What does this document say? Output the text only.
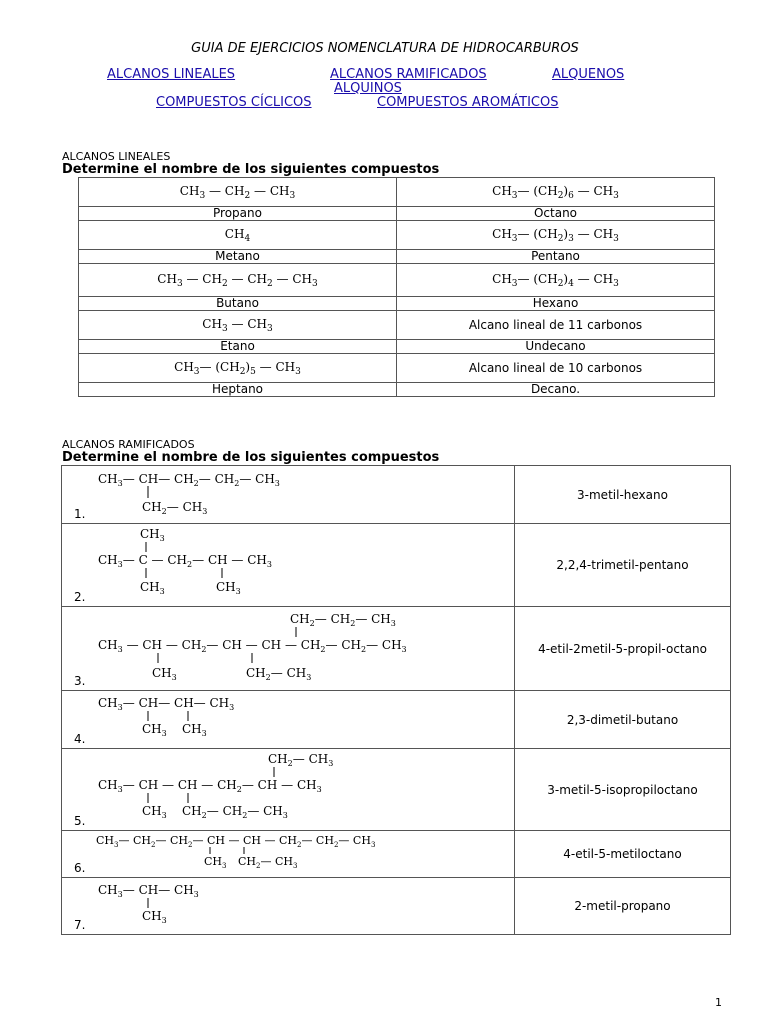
GUIA DE EJERCICIOS NOMENCLATURA DE HIDROCARBUROS
ALCANOS LINEALES	ALCANOS RAMIFICADOS	ALQUENOS
ALQUINOS
COMPUESTOS CÍCLICOS	COMPUESTOS AROMÁTICOS
ALCANOS LINEALES
Determine el nombre de los siguientes compuestos
$CH_3$ — $CH_2$ — $CH_3$	$CH_3—$ $(CH_2)_6$ — $CH_3$
Propano	Octano
$CH_4$	$CH_3—$ $(CH_2)_3$ — $CH_3$
Metano	Pentano
$CH_3$ — $CH_2$ — $CH_2$ — $CH_3$	$CH_3—$ $(CH_2)_4$ — $CH_3$
Butano	Hexano
$CH_3$ — $CH_3$	Alcano lineal de 11 carbonos
Etano	Undecano
$CH_3—$ $(CH_2)_5$ — $CH_3$	Alcano lineal de 10 carbonos
Heptano	Decano.
ALCANOS RAMIFICADOS
Determine el nombre de los siguientes compuestos
$CH_3—$ CH— $CH_2—$ $CH_2—$ $CH_3$
$CH_2—$ $CH_3$
1.	3-metil-hexano

$CH_3$
$CH_3—$ C — $CH_2—$ CH — $CH_3$
$CH_3$ $CH_3$
2.	2,2,4-trimetil-pentano

$CH_2—$ $CH_2—$ $CH_3$
$CH_3$ — CH — $CH_2—$ CH — CH — $CH_2—$ $CH_2—$ $CH_3$
$CH_3$ $CH_2—$ $CH_3$
3.	4-etil-2metil-5-propil-octano

$CH_3—$ CH— CH— $CH_3$
$CH_3$ $CH_3$
4.	2,3-dimetil-butano

$CH_2—$ $CH_3$
$CH_3—$ CH — CH — $CH_2—$ CH — $CH_3$
$CH_3$ $CH_2—$ $CH_2—$ $CH_3$
5.	3-metil-5-isopropiloctano

$CH_3—$ $CH_2—$ $CH_2—$ CH — CH — $CH_2—$ $CH_2—$ $CH_3$
$CH_3$ $CH_2—$ $CH_3$
6.	4-etil-5-metiloctano

$CH_3—$ CH— $CH_3$
$CH_3$
7.	2-metil-propano
1
